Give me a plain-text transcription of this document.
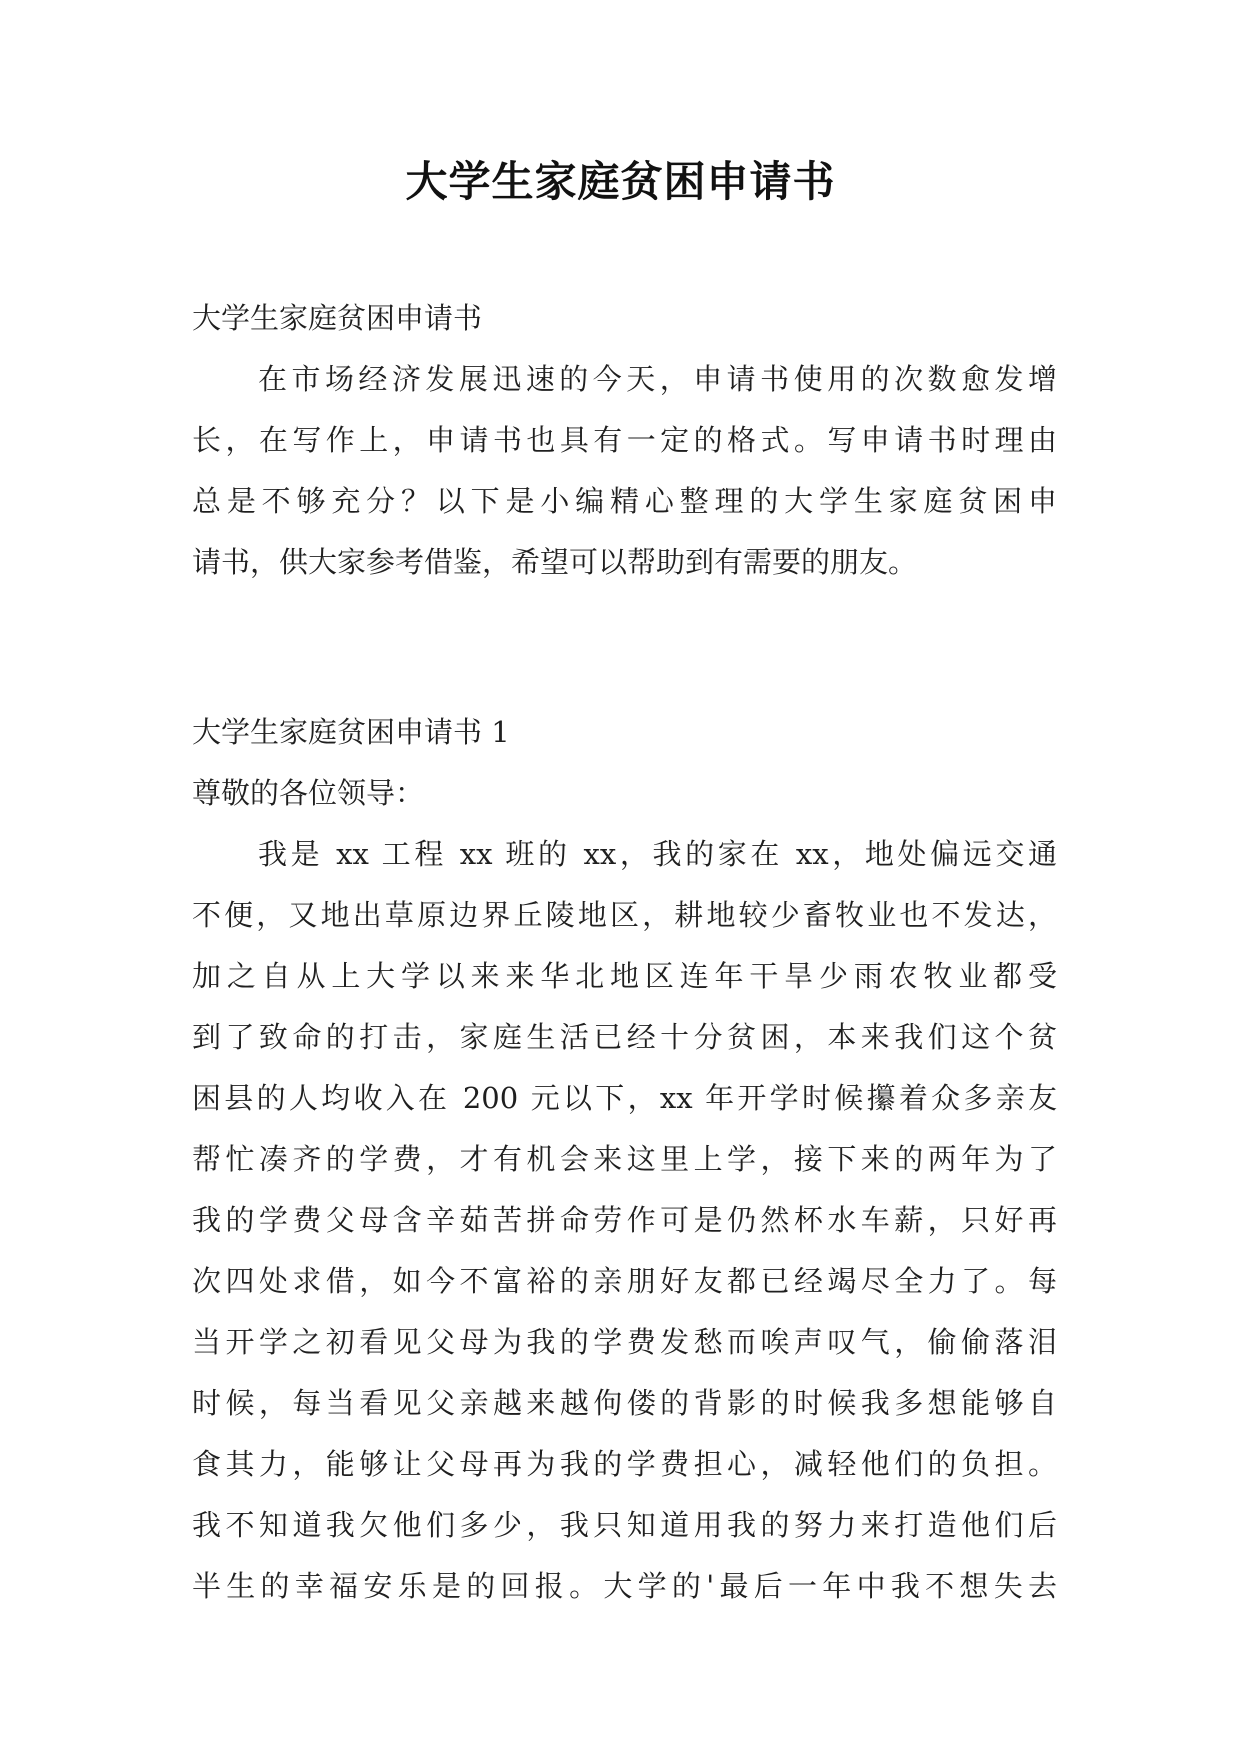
大学生家庭贫困申请书
大学生家庭贫困申请书
在市场经济发展迅速的今天，申请书使用的次数愈发增
长，在写作上，申请书也具有一定的格式。写申请书时理由
总是不够充分？以下是小编精心整理的大学生家庭贫困申
请书，供大家参考借鉴，希望可以帮助到有需要的朋友。
大学生家庭贫困申请书 1
尊敬的各位领导：
我是 xx 工程 xx 班的 xx，我的家在 xx，地处偏远交通
不便，又地出草原边界丘陵地区，耕地较少畜牧业也不发达，
加之自从上大学以来来华北地区连年干旱少雨农牧业都受
到了致命的打击，家庭生活已经十分贫困，本来我们这个贫
困县的人均收入在 200 元以下，xx 年开学时候攥着众多亲友
帮忙凑齐的学费，才有机会来这里上学，接下来的两年为了
我的学费父母含辛茹苦拼命劳作可是仍然杯水车薪，只好再
次四处求借，如今不富裕的亲朋好友都已经竭尽全力了。每
当开学之初看见父母为我的学费发愁而唉声叹气，偷偷落泪
时候，每当看见父亲越来越佝偻的背影的时候我多想能够自
食其力，能够让父母再为我的学费担心，减轻他们的负担。
我不知道我欠他们多少，我只知道用我的努力来打造他们后
半生的幸福安乐是的回报。大学的'最后一年中我不想失去
